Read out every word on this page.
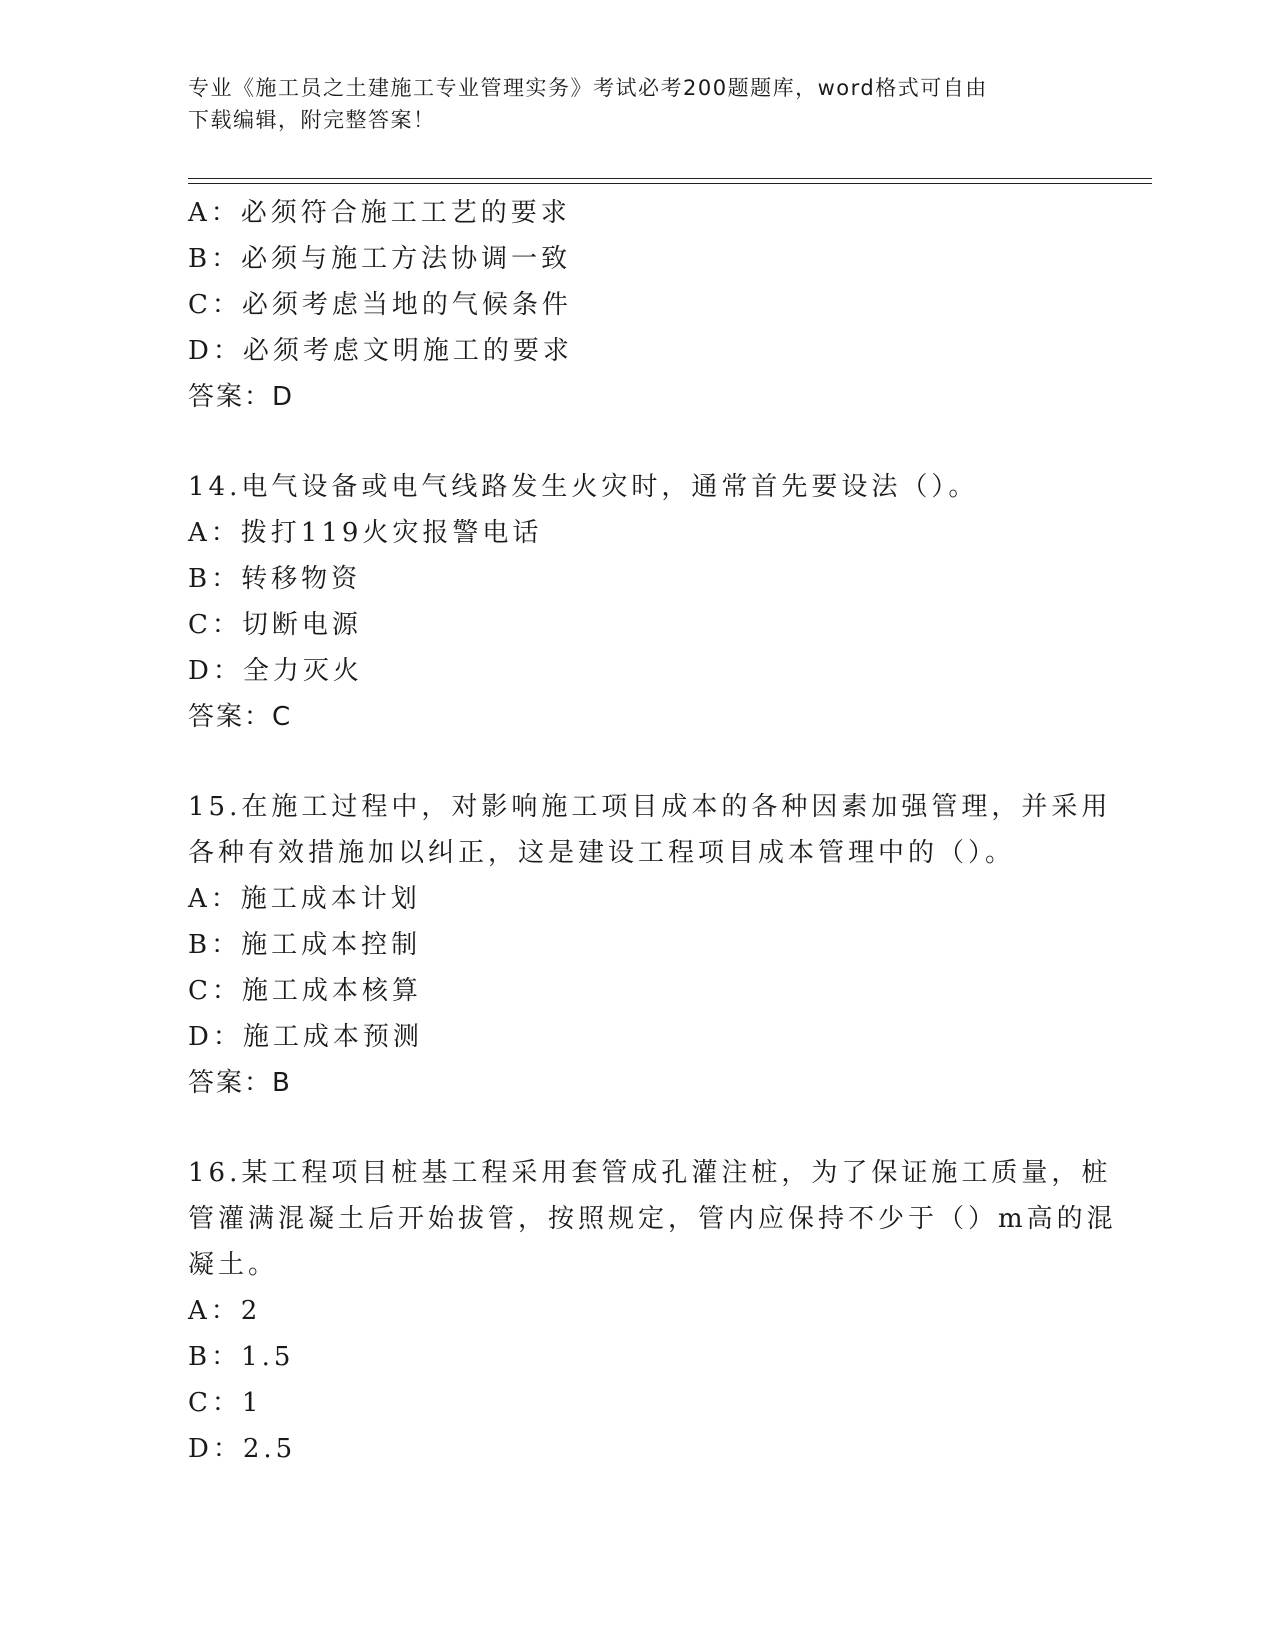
专业《施工员之土建施工专业管理实务》考试必考200题题库，word格式可自由
下载编辑，附完整答案！
A：必须符合施工工艺的要求
B：必须与施工方法协调一致
C：必须考虑当地的气候条件
D：必须考虑文明施工的要求
答案：D
14.电气设备或电气线路发生火灾时，通常首先要设法（）。
A：拨打119火灾报警电话
B：转移物资
C：切断电源
D：全力灭火
答案：C
15.在施工过程中，对影响施工项目成本的各种因素加强管理，并采用
各种有效措施加以纠正，这是建设工程项目成本管理中的（）。
A：施工成本计划
B：施工成本控制
C：施工成本核算
D：施工成本预测
答案：B
16.某工程项目桩基工程采用套管成孔灌注桩，为了保证施工质量，桩
管灌满混凝土后开始拔管，按照规定，管内应保持不少于（）m高的混
凝土。
A：2
B：1.5
C：1
D：2.5
